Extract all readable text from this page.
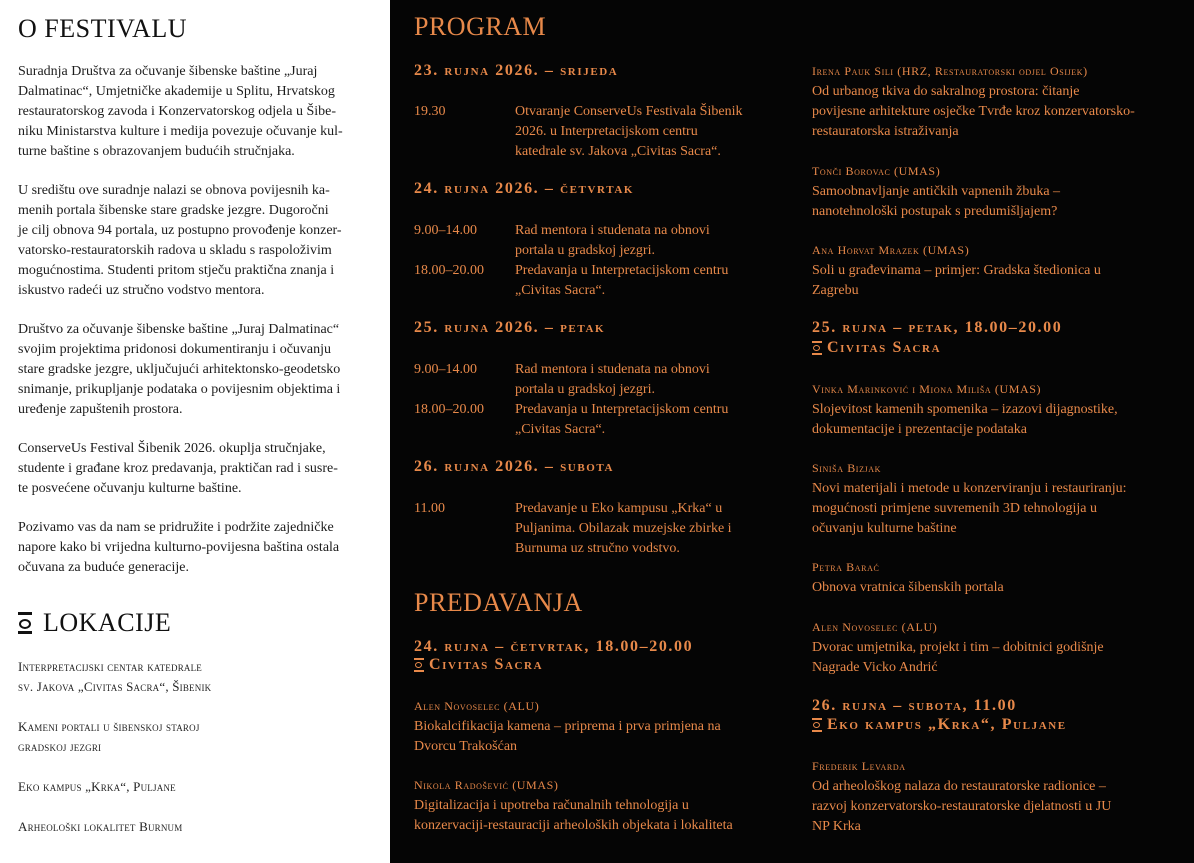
O FESTIVALU
Suradnja Društva za očuvanje šibenske baštine „Juraj
Dalmatinac“, Umjetničke akademije u Splitu, Hrvatskog
restauratorskog zavoda i Konzervatorskog odjela u Šibe-
niku Ministarstva kulture i medija povezuje očuvanje kul-
turne baštine s obrazovanjem budućih stručnjaka.
U središtu ove suradnje nalazi se obnova povijesnih ka-
menih portala šibenske stare gradske jezgre. Dugoročni
je cilj obnova 94 portala, uz postupno provođenje konzer-
vatorsko-restauratorskih radova u skladu s raspoloživim
mogućnostima. Studenti pritom stječu praktična znanja i
iskustvo radeći uz stručno vodstvo mentora.
Društvo za očuvanje šibenske baštine „Juraj Dalmatinac“
svojim projektima pridonosi dokumentiranju i očuvanju
stare gradske jezgre, uključujući arhitektonsko-geodetsko
snimanje, prikupljanje podataka o povijesnim objektima i
uređenje zapuštenih prostora.
ConserveUs Festival Šibenik 2026. okuplja stručnjake,
studente i građane kroz predavanja, praktičan rad i susre-
te posvećene očuvanju kulturne baštine.
Pozivamo vas da nam se pridružite i podržite zajedničke
napore kako bi vrijedna kulturno-povijesna baština ostala
očuvana za buduće generacije.
LOKACIJE
Interpretacijski centar katedrale
sv. Jakova „Civitas Sacra“, Šibenik
Kameni portali u šibenskoj staroj
gradskoj jezgri
Eko kampus „Krka“, Puljane
Arheološki lokalitet Burnum
PROGRAM
23. rujna 2026. – srijeda
19.30	Otvaranje ConserveUs Festivala Šibenik
2026. u Interpretacijskom centru
katedrale sv. Jakova „Civitas Sacra“.
24. rujna 2026. – četvrtak
9.00–14.00	Rad mentora i studenata na obnovi
portala u gradskoj jezgri.
18.00–20.00 Predavanja u Interpretacijskom centru
„Civitas Sacra“.
25. rujna 2026. – petak
9.00–14.00	Rad mentora i studenata na obnovi
portala u gradskoj jezgri.
18.00–20.00 Predavanja u Interpretacijskom centru
„Civitas Sacra“.
26. rujna 2026. – subota
11.00	Predavanje u Eko kampusu „Krka“ u
Puljanima. Obilazak muzejske zbirke i
Burnuma uz stručno vodstvo.
PREDAVANJA
24. rujna – četvrtak, 18.00–20.00
Civitas Sacra
Alen Novoselec (ALU)
Biokalcifikacija kamena – priprema i prva primjena na
Dvorcu Trakošćan
Nikola Radošević (UMAS)
Digitalizacija i upotreba računalnih tehnologija u
konzervaciji-restauraciji arheoloških objekata i lokaliteta
Irena Pauk Sili (HRZ, Restauratorski odjel Osijek)
Od urbanog tkiva do sakralnog prostora: čitanje
povijesne arhitekture osječke Tvrđe kroz konzervatorsko-
restauratorska istraživanja
Tonči Borovac (UMAS)
Samoobnavljanje antičkih vapnenih žbuka –
nanotehnološki postupak s predumišljajem?
Ana Horvat Mrazek (UMAS)
Soli u građevinama – primjer: Gradska štedionica u
Zagrebu
25. rujna – petak, 18.00–20.00
Civitas Sacra
Vinka Marinković i Miona Miliša (UMAS)
Slojevitost kamenih spomenika – izazovi dijagnostike,
dokumentacije i prezentacije podataka
Siniša Bizjak
Novi materijali i metode u konzerviranju i restauriranju:
mogućnosti primjene suvremenih 3D tehnologija u
očuvanju kulturne baštine
Petra Barać
Obnova vratnica šibenskih portala
Alen Novoselec (ALU)
Dvorac umjetnika, projekt i tim – dobitnici godišnje
Nagrade Vicko Andrić
26. rujna – subota, 11.00
Eko kampus „Krka“, Puljane
Frederik Levarda
Od arheološkog nalaza do restauratorske radionice –
razvoj konzervatorsko-restauratorske djelatnosti u JU
NP Krka
